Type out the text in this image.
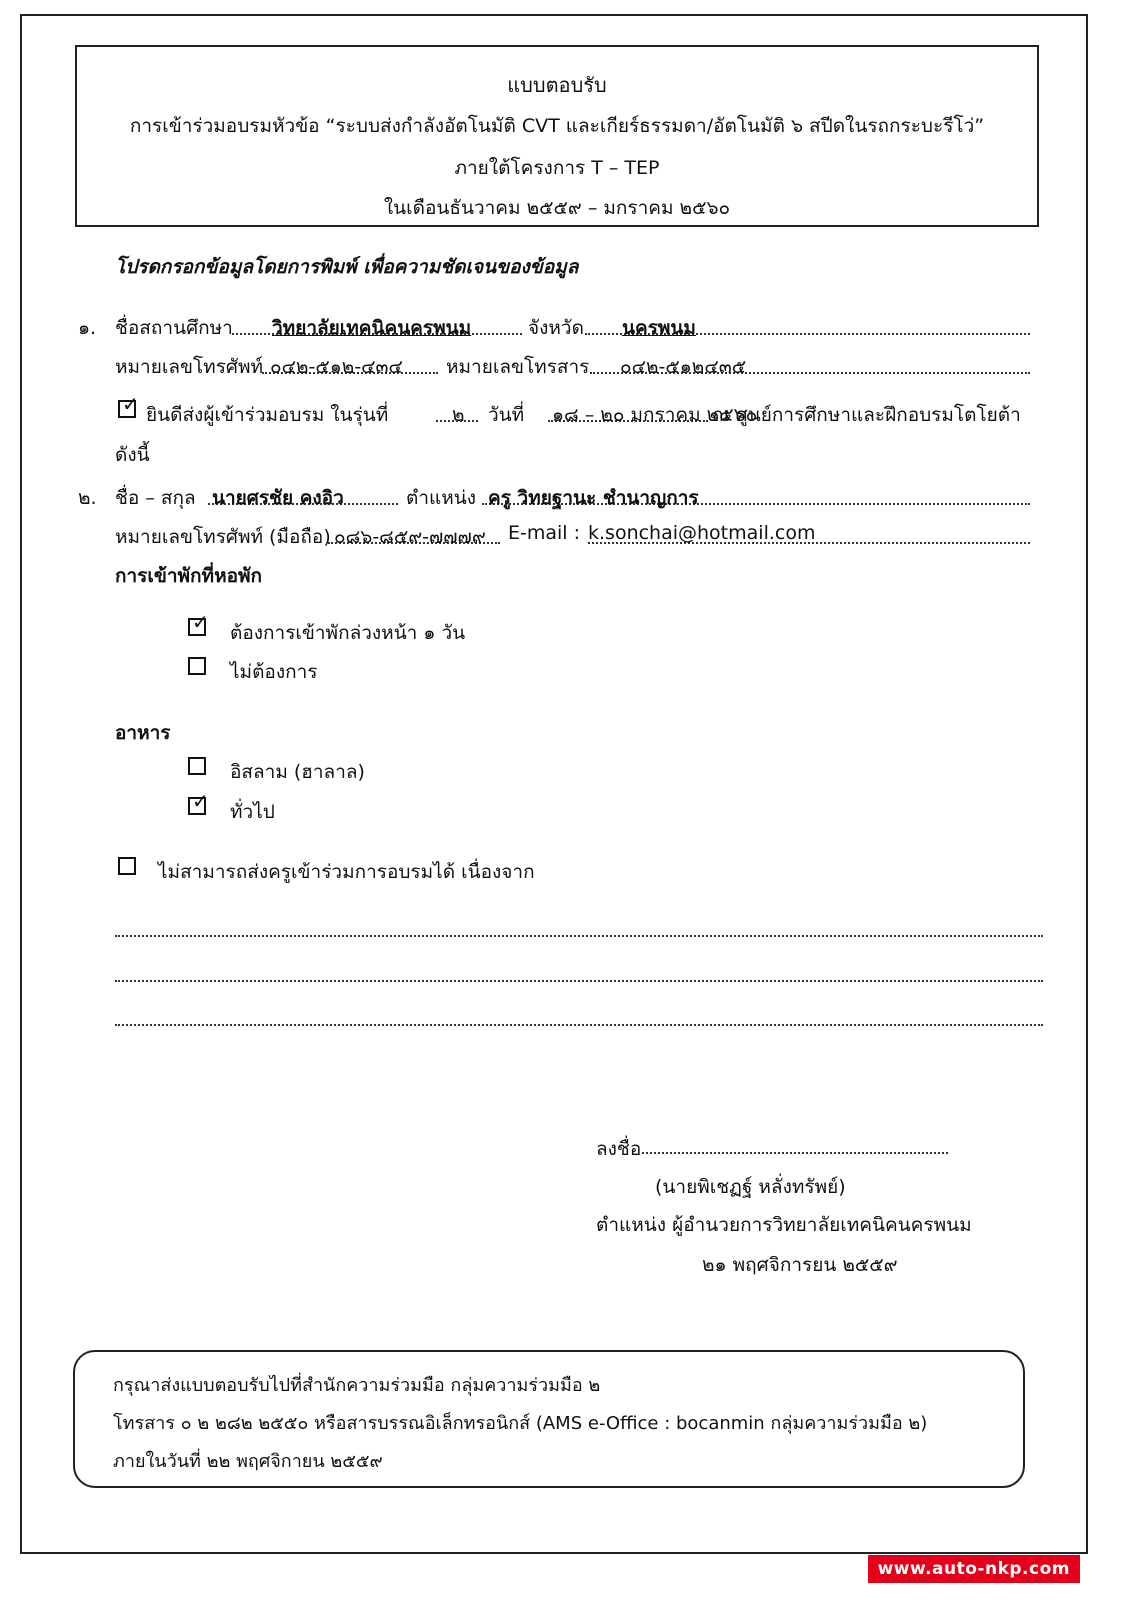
แบบตอบรับ
การเข้าร่วมอบรมหัวข้อ “ระบบส่งกำลังอัตโนมัติ CVT และเกียร์ธรรมดา/อัตโนมัติ ๖ สปีดในรถกระบะรีโว่”
ภายใต้โครงการ T – TEP
ในเดือนธันวาคม ๒๕๕๙ – มกราคม ๒๕๖๐
โปรดกรอกข้อมูลโดยการพิมพ์ เพื่อความชัดเจนของข้อมูล
๑. ชื่อสถานศึกษา วิทยาลัยเทคนิคนครพนม	จังหวัด นครพนม
หมายเลขโทรศัพท์ ๐๔๒-๕๑๒-๔๓๔ หมายเลขโทรสาร ๐๔๒-๕๑๒๔๓๕
✓ ยินดีส่งผู้เข้าร่วมอบรม ในรุ่นที่	๒ วันที่ ๑๘ – ๒๐ มกราคม ๒๕๖๐
ณ ศูนย์การศึกษาและฝึกอบรมโตโยต้า
ดังนี้
๒. ชื่อ – สกุล นายศรชัย คงอิว	ตำแหน่ง ครู วิทยฐานะ ชำนาญการ
หมายเลขโทรศัพท์ (มือถือ) ๐๘๖-๘๕๙-๗๗๗๙ E-mail : k.sonchai@hotmail.com
การเข้าพักที่หอพัก
✓ ต้องการเข้าพักล่วงหน้า ๑ วัน
ไม่ต้องการ
อาหาร
อิสลาม (ฮาลาล)
✓ ทั่วไป
ไม่สามารถส่งครูเข้าร่วมการอบรมได้ เนื่องจาก
ลงชื่อ
(นายพิเชฏฐ์ หลั่งทรัพย์)
ตำแหน่ง ผู้อำนวยการวิทยาลัยเทคนิคนครพนม
๒๑ พฤศจิการยน ๒๕๕๙
กรุณาส่งแบบตอบรับไปที่สำนักความร่วมมือ กลุ่มความร่วมมือ ๒
โทรสาร ๐ ๒ ๒๘๒ ๒๕๕๐ หรือสารบรรณอิเล็กทรอนิกส์ (AMS e-Office : bocanmin กลุ่มความร่วมมือ ๒)
ภายในวันที่ ๒๒ พฤศจิกายน ๒๕๕๙
www.auto-nkp.com
